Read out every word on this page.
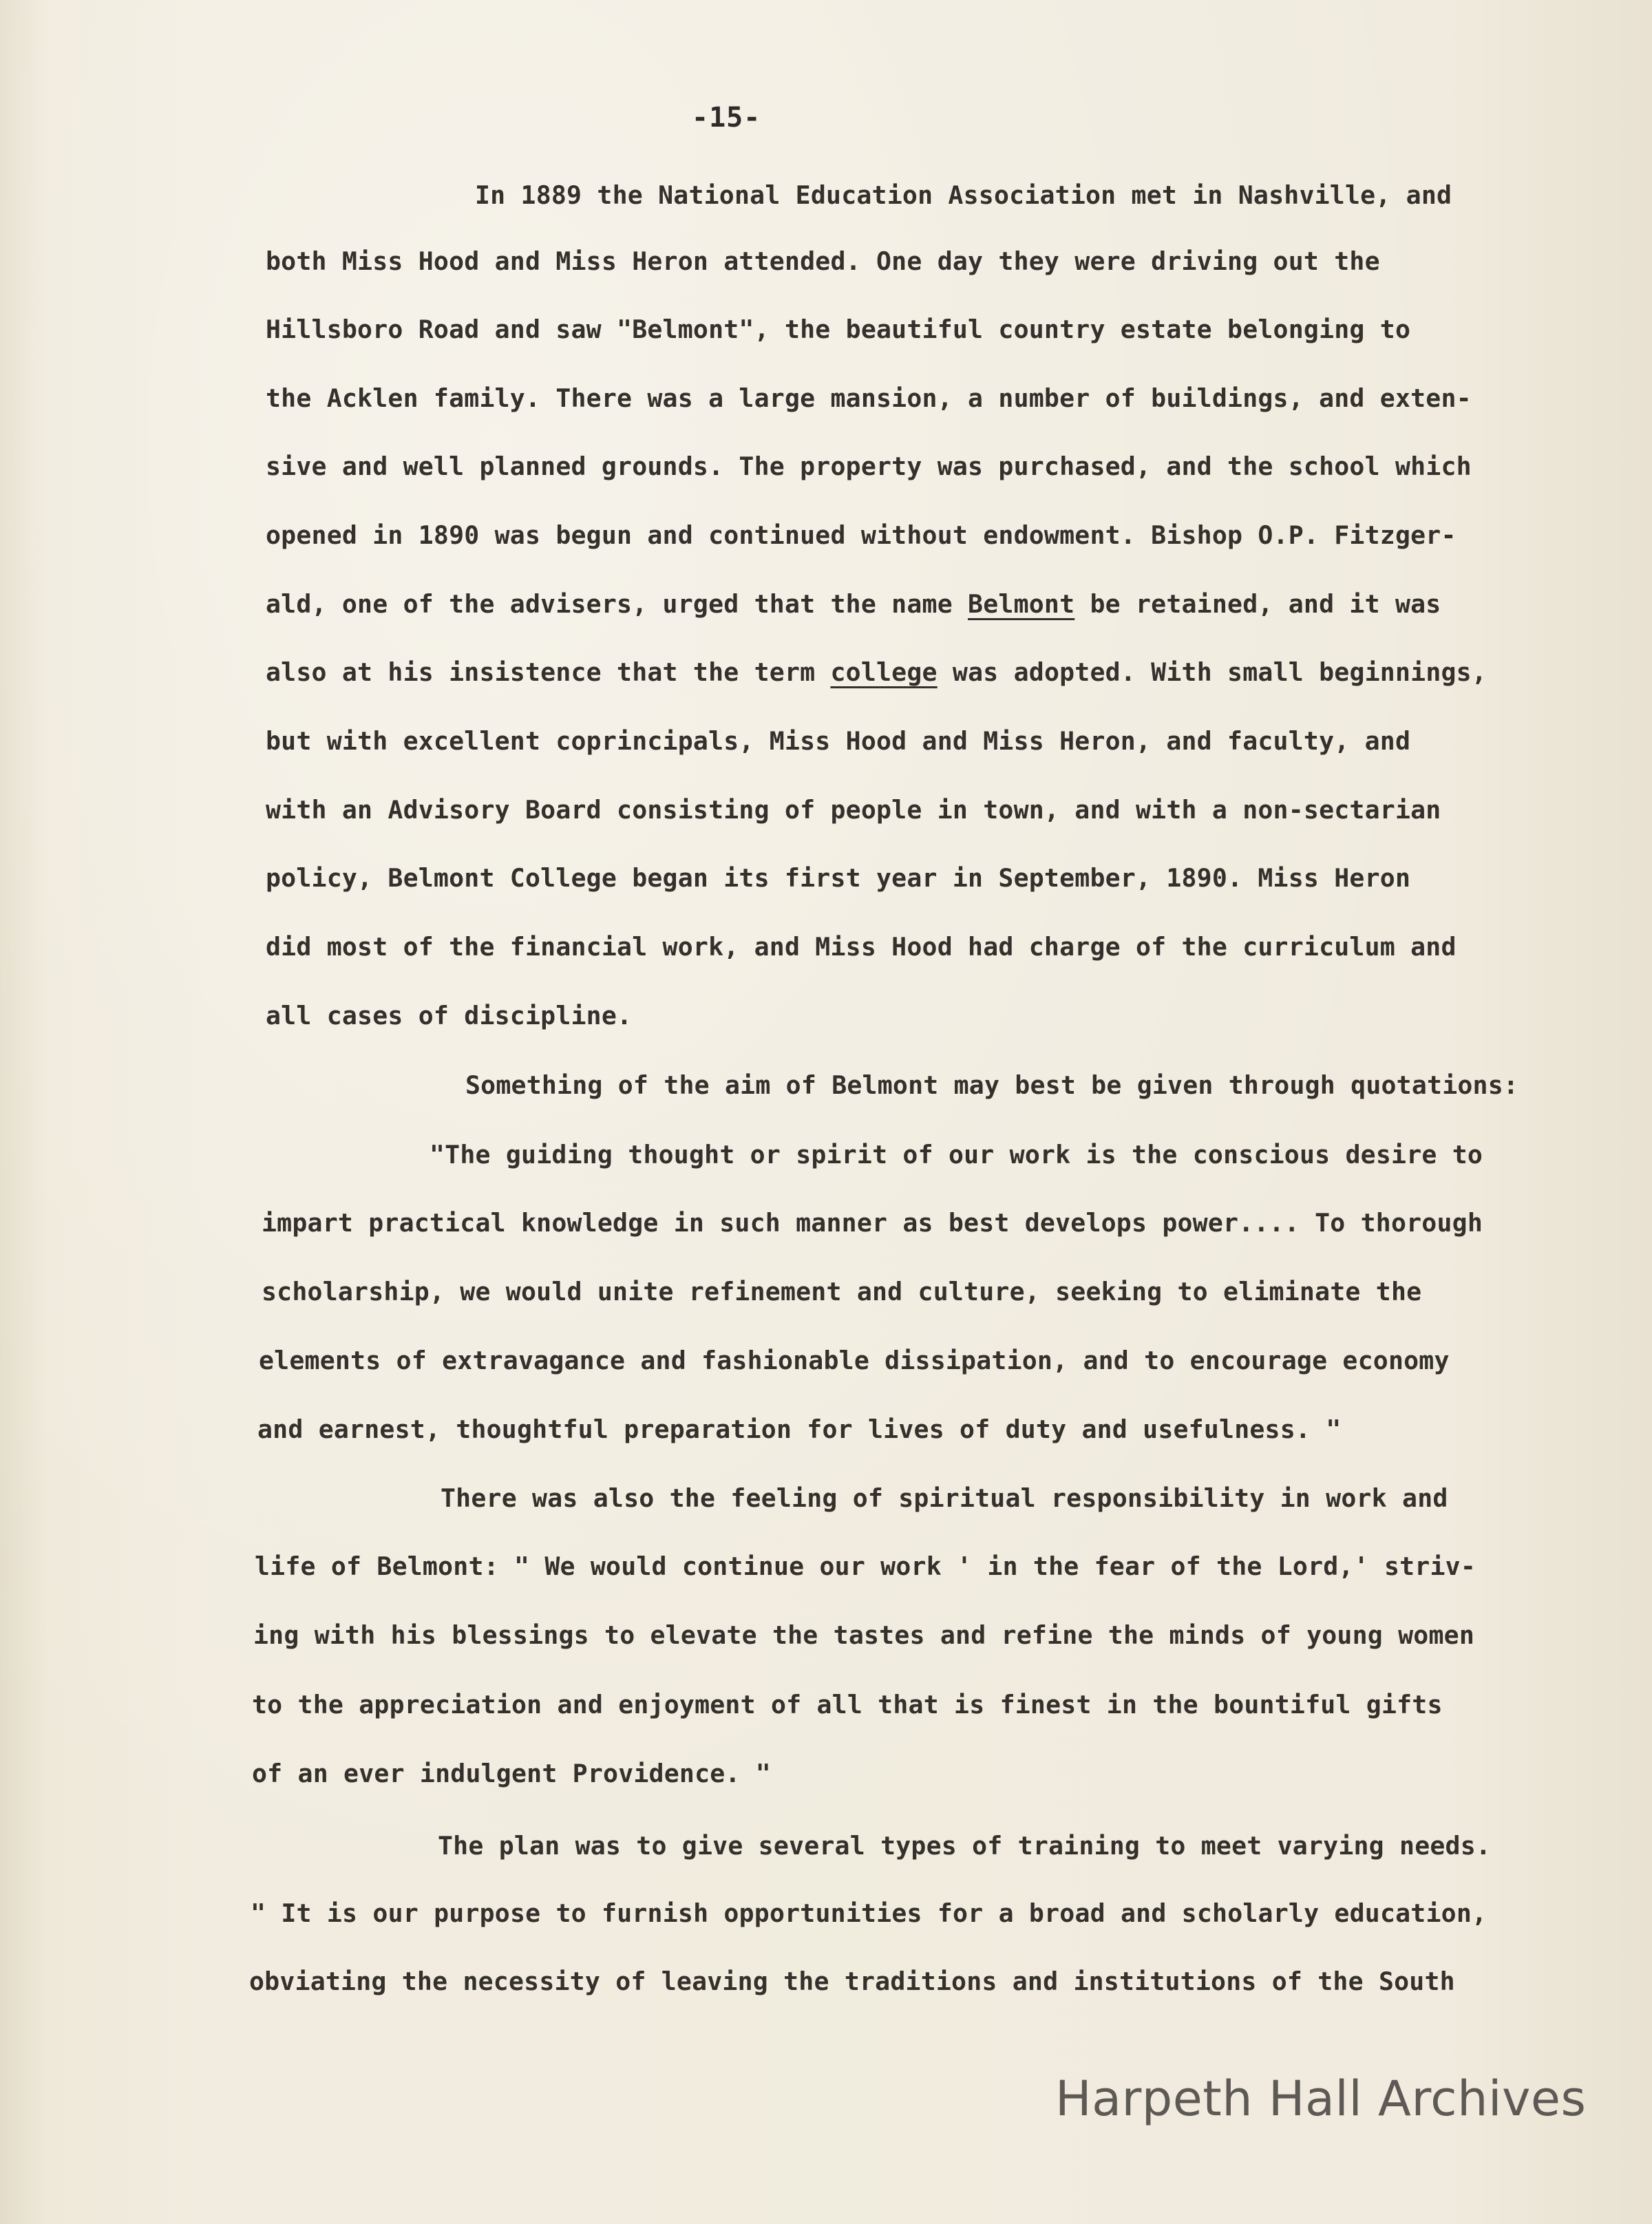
-15-
In 1889 the National Education Association met in Nashville, and
both Miss Hood and Miss Heron attended. One day they were driving out the
Hillsboro Road and saw "Belmont", the beautiful country estate belonging to
the Acklen family. There was a large mansion, a number of buildings, and exten-
sive and well planned grounds. The property was purchased, and the school which
opened in 1890 was begun and continued without endowment. Bishop O.P. Fitzger-
ald, one of the advisers, urged that the name Belmont be retained, and it was
also at his insistence that the term college was adopted. With small beginnings,
but with excellent coprincipals, Miss Hood and Miss Heron, and faculty, and
with an Advisory Board consisting of people in town, and with a non-sectarian
policy, Belmont College began its first year in September, 1890. Miss Heron
did most of the financial work, and Miss Hood had charge of the curriculum and
all cases of discipline.
Something of the aim of Belmont may best be given through quotations:
"The guiding thought or spirit of our work is the conscious desire to
impart practical knowledge in such manner as best develops power.... To thorough
scholarship, we would unite refinement and culture, seeking to eliminate the
elements of extravagance and fashionable dissipation, and to encourage economy
and earnest, thoughtful preparation for lives of duty and usefulness. "
There was also the feeling of spiritual responsibility in work and
life of Belmont: " We would continue our work ' in the fear of the Lord,' striv-
ing with his blessings to elevate the tastes and refine the minds of young women
to the appreciation and enjoyment of all that is finest in the bountiful gifts
of an ever indulgent Providence. "
The plan was to give several types of training to meet varying needs.
" It is our purpose to furnish opportunities for a broad and scholarly education,
obviating the necessity of leaving the traditions and institutions of the South
Harpeth Hall Archives
